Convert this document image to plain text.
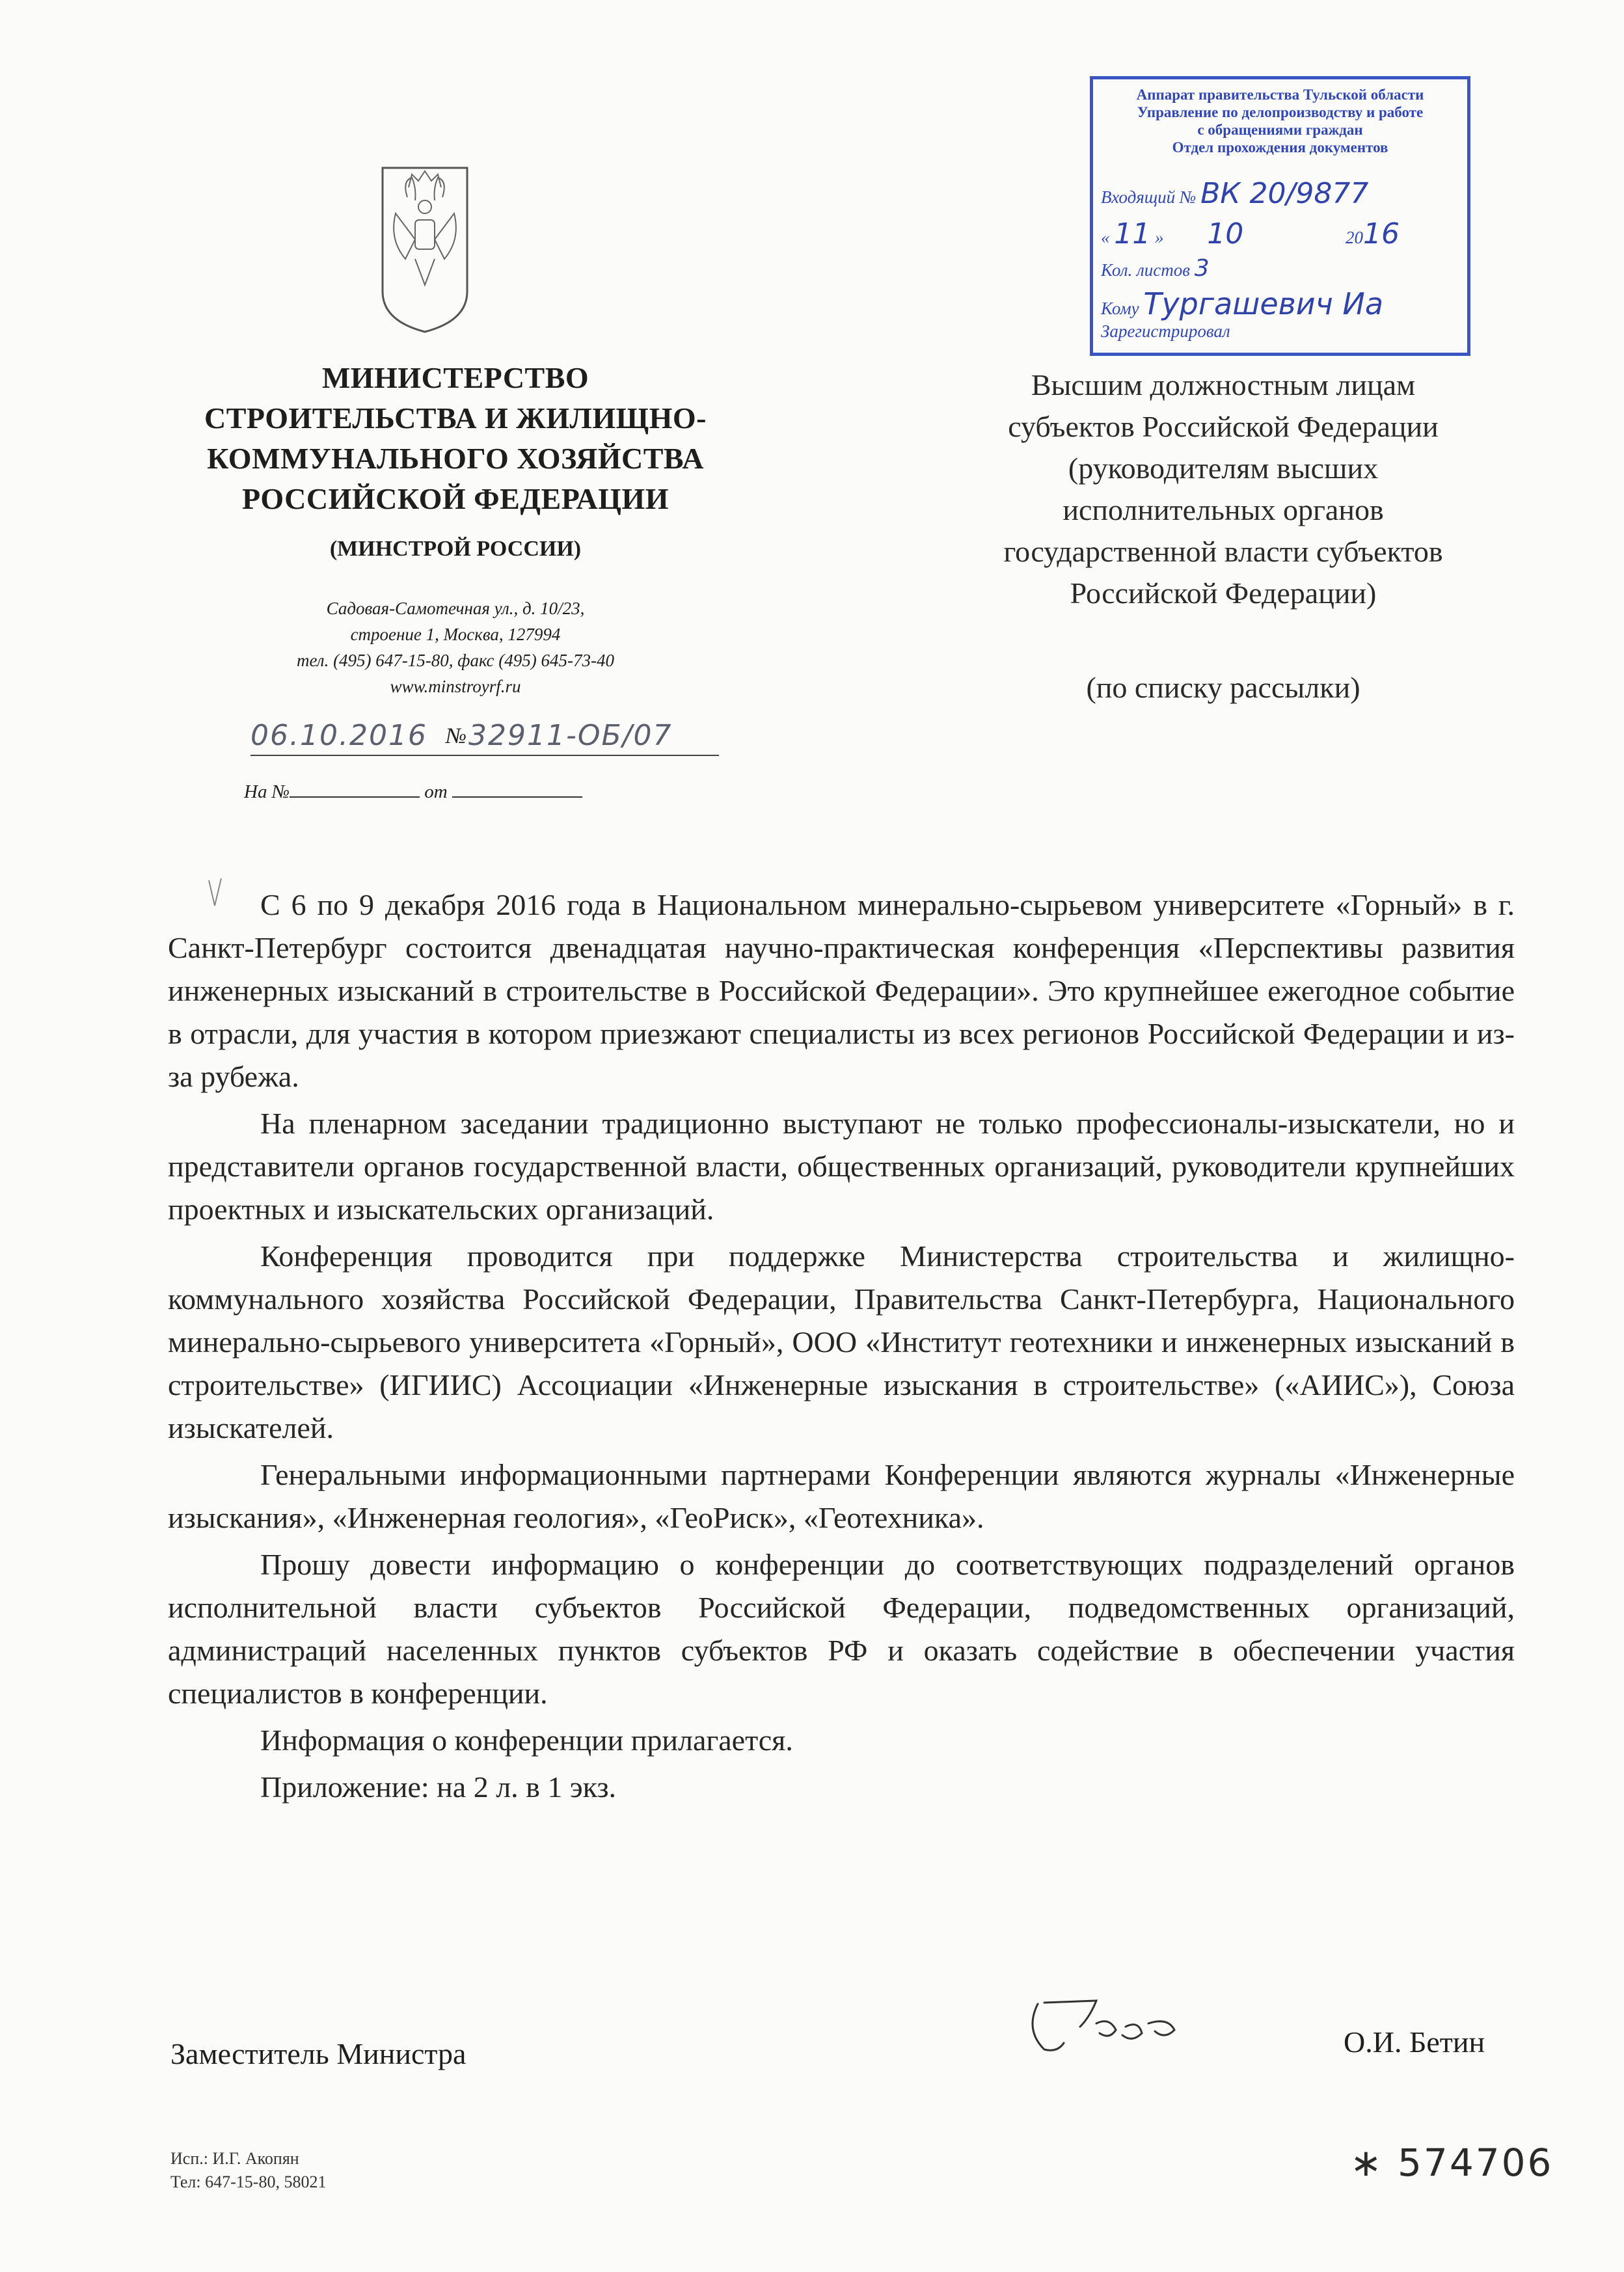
МИНИСТЕРСТВО
СТРОИТЕЛЬСТВА И ЖИЛИЩНО-
КОММУНАЛЬНОГО ХОЗЯЙСТВА
РОССИЙСКОЙ ФЕДЕРАЦИИ
(МИНСТРОЙ РОССИИ)
Садовая-Самотечная ул., д. 10/23,
строение 1, Москва, 127994
тел. (495) 647-15-80, факс (495) 645-73-40
www.minstroyrf.ru
06.10.2016 № 32911-ОБ/07
На №	от
Аппарат правительства Тульской области
Управление по делопроизводству и работе
с обращениями граждан
Отдел прохождения документов
Входящий № ВК 20/9877
« 11 » 10	2016
Кол. листов 3
Кому Тургашевич Иа
Зарегистрировал
Высшим должностным лицам
субъектов Российской Федерации
(руководителям высших
исполнительных органов
государственной власти субъектов
Российской Федерации)
(по списку рассылки)

С 6 по 9 декабря 2016 года в Национальном минерально-сырьевом университете «Горный» в г. Санкт-Петербург состоится двенадцатая научно-практическая конференция «Перспективы развития инженерных изысканий в строительстве в Российской Федерации». Это крупнейшее ежегодное событие в отрасли, для участия в котором приезжают специалисты из всех регионов Российской Федерации и из-за рубежа.

На пленарном заседании традиционно выступают не только профессионалы-изыскатели, но и представители органов государственной власти, общественных организаций, руководители крупнейших проектных и изыскательских организаций.

Конференция проводится при поддержке Министерства строительства и жилищно-коммунального хозяйства Российской Федерации, Правительства Санкт-Петербурга, Национального минерально-сырьевого университета «Горный», ООО «Институт геотехники и инженерных изысканий в строительстве» (ИГИИС) Ассоциации «Инженерные изыскания в строительстве» («АИИС»), Союза изыскателей.

Генеральными информационными партнерами Конференции являются журналы «Инженерные изыскания», «Инженерная геология», «ГеоРиск», «Геотехника».

Прошу довести информацию о конференции до соответствующих подразделений органов исполнительной власти субъектов Российской Федерации, подведомственных организаций, администраций населенных пунктов субъектов РФ и оказать содействие в обеспечении участия специалистов в конференции.

Информация о конференции прилагается.

Приложение: на 2 л. в 1 экз.

Заместитель Министра	О.И. Бетин
Исп.: И.Г. Акопян
Тел: 647-15-80, 58021	∗ 574706
